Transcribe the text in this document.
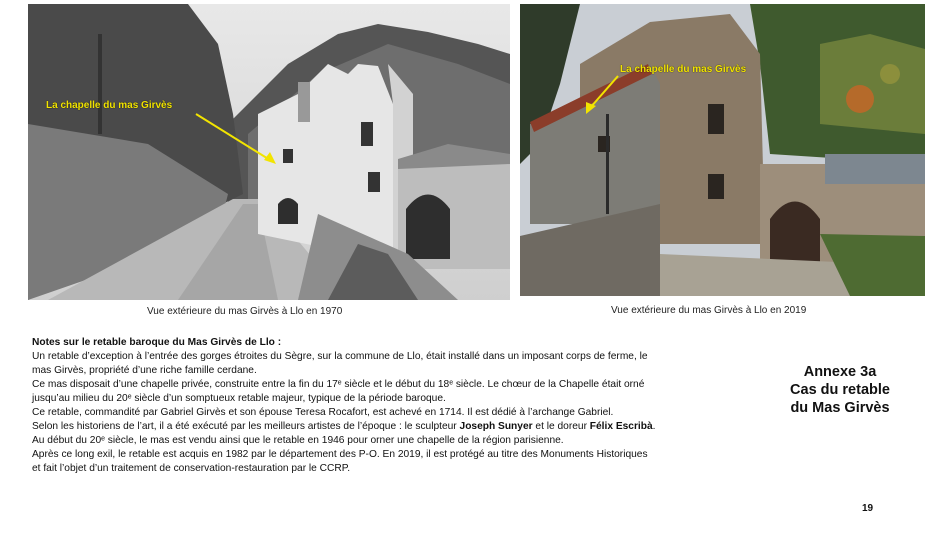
La chapelle du mas Girvès
Vue extérieure du mas Girvès à Llo en 1970
La chapelle du mas Girvès
Vue extérieure du mas Girvès à Llo en 2019

Notes sur le retable baroque du Mas Girvès de Llo :

Un retable d’exception à l’entrée des gorges étroites du Sègre, sur la commune de Llo, était installé dans un imposant corps de ferme, le

mas Girvès, propriété d’une riche famille cerdane.

Ce mas disposait d’une chapelle privée, construite entre la fin du 17ᵉ siècle et le début du 18ᵉ siècle. Le chœur de la Chapelle était orné

jusqu’au milieu du 20ᵉ siècle d’un somptueux retable majeur, typique de la période baroque.

Ce retable, commandité par Gabriel Girvès et son épouse Teresa Rocafort, est achevé en 1714. Il est dédié à l’archange Gabriel.

Selon les historiens de l’art, il a été exécuté par les meilleurs artistes de l’époque : le sculpteur Joseph Sunyer et le doreur Félix Escribà.

Au début du 20ᵉ siècle, le mas est vendu ainsi que le retable en 1946 pour orner une chapelle de la région parisienne.

Après ce long exil, le retable est acquis en 1982 par le département des P-O. En 2019, il est protégé au titre des Monuments Historiques

et fait l’objet d’un traitement de conservation-restauration par le CCRP.

Annexe 3a
Cas du retable
du Mas Girvès
19
